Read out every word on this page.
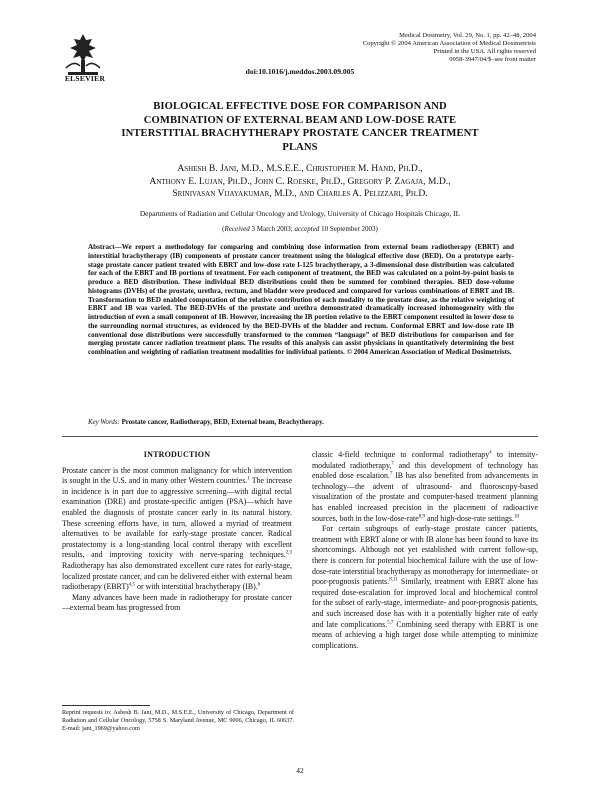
ELSEVIER
Medical Dosimetry, Vol. 29, No. 1, pp. 42–48, 2004
Copyright © 2004 American Association of Medical Dosimetrists
Printed in the USA. All rights reserved
0958-3947/04/$–see front matter
doi:10.1016/j.meddos.2003.09.005
BIOLOGICAL EFFECTIVE DOSE FOR COMPARISON AND
COMBINATION OF EXTERNAL BEAM AND LOW-DOSE RATE
INTERSTITIAL BRACHYTHERAPY PROSTATE CANCER TREATMENT
PLANS
Ashesh B. Jani, M.D., M.S.E.E., Christopher M. Hand, Ph.D.,
Anthony E. Lujan, Ph.D., John C. Roeske, Ph.D., Gregory P. Zagaja, M.D.,
Srinivasan Vijayakumar, M.D., and Charles A. Pelizzari, Ph.D.
Departments of Radiation and Cellular Oncology and Urology, University of Chicago Hospitals Chicago, IL
(Received 3 March 2003; accepted 10 September 2003)
Abstract—We report a methodology for comparing and combining dose information from external beam radiotherapy (EBRT) and interstitial brachytherapy (IB) components of prostate cancer treatment using the biological effective dose (BED). On a prototype early-stage prostate cancer patient treated with EBRT and low-dose rate I-125 brachytherapy, a 3-dimensional dose distribution was calculated for each of the EBRT and IB portions of treatment. For each component of treatment, the BED was calculated on a point-by-point basis to produce a BED distribution. These individual BED distributions could then be summed for combined therapies. BED dose-volume histograms (DVHs) of the prostate, urethra, rectum, and bladder were produced and compared for various combinations of EBRT and IB. Transformation to BED enabled computation of the relative contribution of each modality to the prostate dose, as the relative weighting of EBRT and IB was varied. The BED-DVHs of the prostate and urethra demonstrated dramatically increased inhomogeneity with the introduction of even a small component of IB. However, increasing the IB portion relative to the EBRT component resulted in lower dose to the surrounding normal structures, as evidenced by the BED-DVHs of the bladder and rectum. Conformal EBRT and low-dose rate IB conventional dose distributions were successfully transformed to the common “language” of BED distributions for comparison and for merging prostate cancer radiation treatment plans. The results of this analysis can assist physicians in quantitatively determining the best combination and weighting of radiation treatment modalities for individual patients. © 2004 American Association of Medical Dosimetrists.
Key Words: Prostate cancer, Radiotherapy, BED, External beam, Brachytherapy.
INTRODUCTION

Prostate cancer is the most common malignancy for which intervention is sought in the U.S. and in many other Western countries.$^1$ The increase in incidence is in part due to aggressive screening—with digital rectal examination (DRE) and prostate-specific antigen (PSA)—which have enabled the diagnosis of prostate cancer early in its natural history. These screening efforts have, in turn, allowed a myriad of treatment alternatives to be available for early-stage prostate cancer. Radical prostatectomy is a long-standing local control therapy with excellent results, and improving toxicity with nerve-sparing techniques.$^{2,3}$ Radiotherapy has also demonstrated excellent cure rates for early-stage, localized prostate cancer, and can be delivered either with external beam radiotherapy (EBRT)$^{4,5}$ or with interstitial brachytherapy (IB).$^6$

Many advances have been made in radiotherapy for prostate cancer—external beam has progressed from

classic 4-field technique to conformal radiotherapy$^4$ to intensity-modulated radiotherapy,$^7$ and this development of technology has enabled dose escalation.$^7$ IB has also benefited from advancements in technology—the advent of ultrasound- and fluoroscopy-based visualization of the prostate and computer-based treatment planning has enabled increased precision in the placement of radioactive sources, both in the low-dose-rate$^{8,9}$ and high-dose-rate settings.$^{10}$

For certain subgroups of early-stage prostate cancer patients, treatment with EBRT alone or with IB alone has been found to have its shortcomings. Although not yet established with current follow-up, there is concern for potential biochemical failure with the use of low-dose-rate interstitial brachytherapy as monotherapy for intermediate- or poor-prognosis patients.$^{8,11}$ Similarly, treatment with EBRT alone has required dose-escalation for improved local and biochemical control for the subset of early-stage, intermediate- and poor-prognosis patients, and such increased dose has with it a potentially higher rate of early and late complications.$^{5,7}$ Combining seed therapy with EBRT is one means of achieving a high target dose while attempting to minimize complications.

Reprint requests to: Ashesh B. Jani, M.D., M.S.E.E., University of Chicago, Department of Radiation and Cellular Oncology, 5758 S. Maryland Avenue, MC 9006, Chicago, IL 60637. E-mail: jani_1969@yahoo.com
42
